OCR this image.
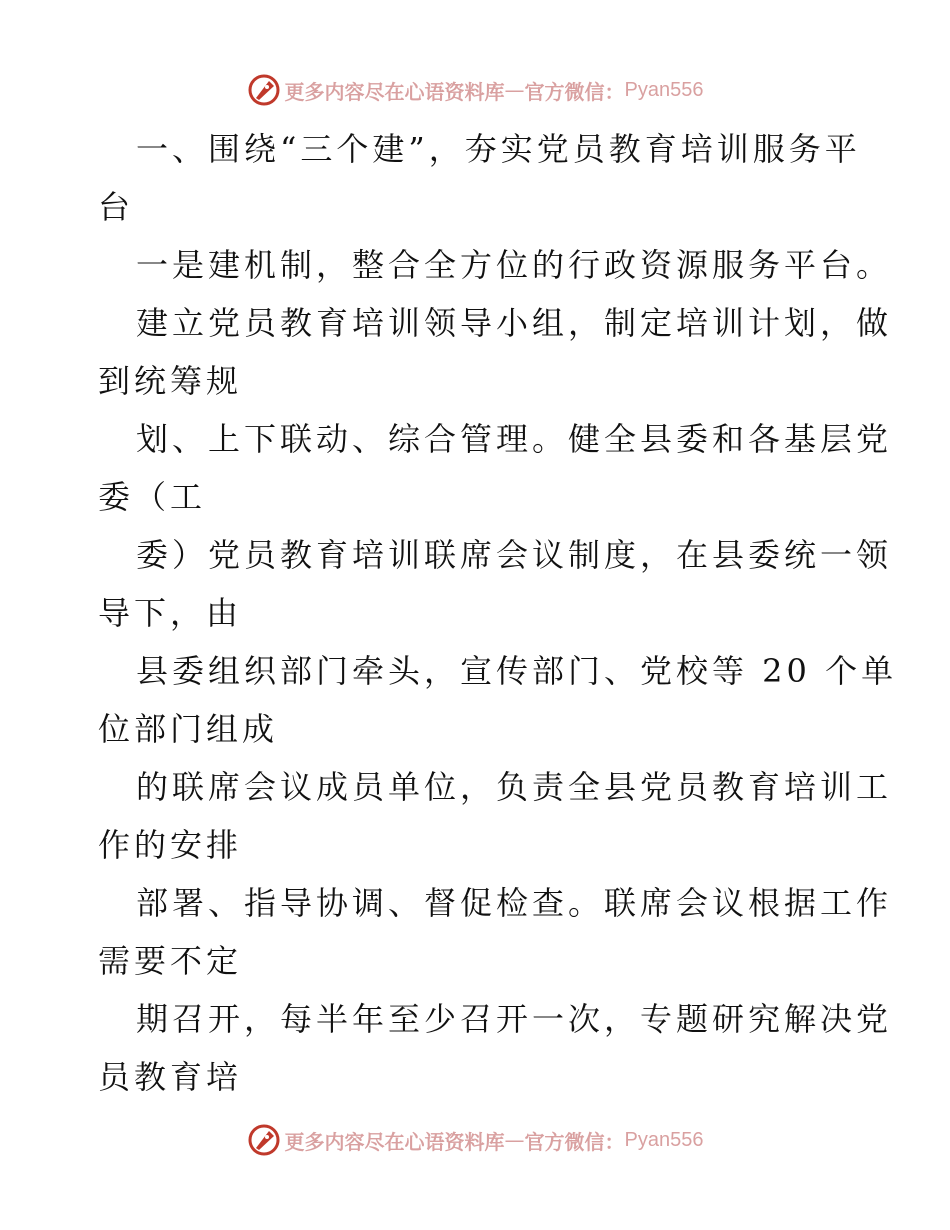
更多内容尽在心语资料库 — 官方微信： Pyan556
一、围绕“三个建”，夯实党员教育培训服务平
台
一是建机制，整合全方位的行政资源服务平台。
建立党员教育培训领导小组，制定培训计划，做
到统筹规
划、上下联动、综合管理。健全县委和各基层党
委（工
委）党员教育培训联席会议制度，在县委统一领
导下，由
县委组织部门牵头，宣传部门、党校等 20 个单
位部门组成
的联席会议成员单位，负责全县党员教育培训工
作的安排
部署、指导协调、督促检查。联席会议根据工作
需要不定
期召开，每半年至少召开一次，专题研究解决党
员教育培
更多内容尽在心语资料库 — 官方微信： Pyan556
